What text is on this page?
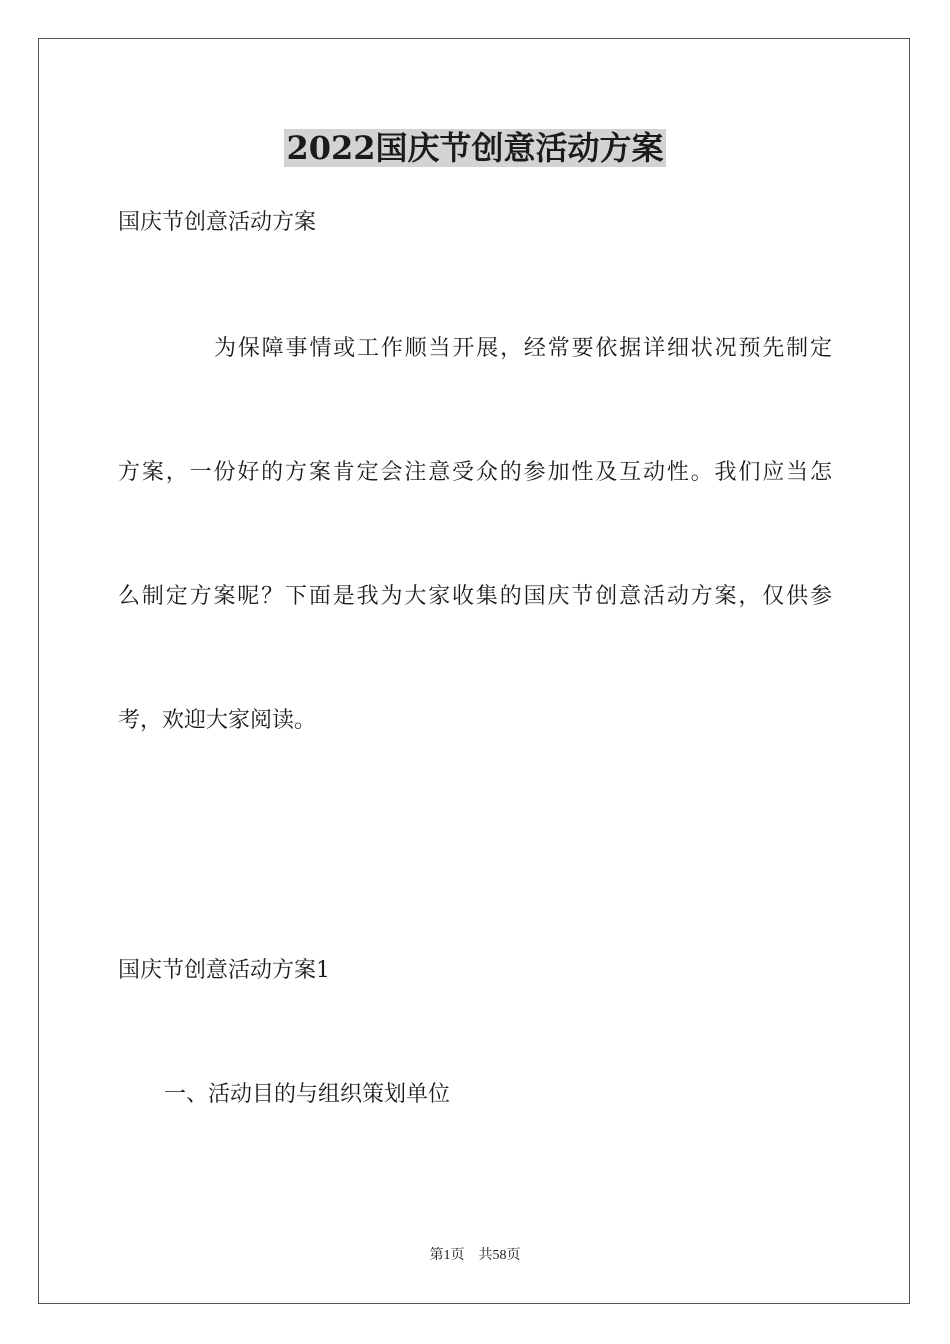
2022国庆节创意活动方案

国庆节创意活动方案

为保障事情或工作顺当开展，经常要依据详细状况预先制定

方案，一份好的方案肯定会注意受众的参加性及互动性。我们应当怎

么制定方案呢？下面是我为大家收集的国庆节创意活动方案，仅供参

考，欢迎大家阅读。

国庆节创意活动方案1

一、活动目的与组织策划单位

第1页 共58页
